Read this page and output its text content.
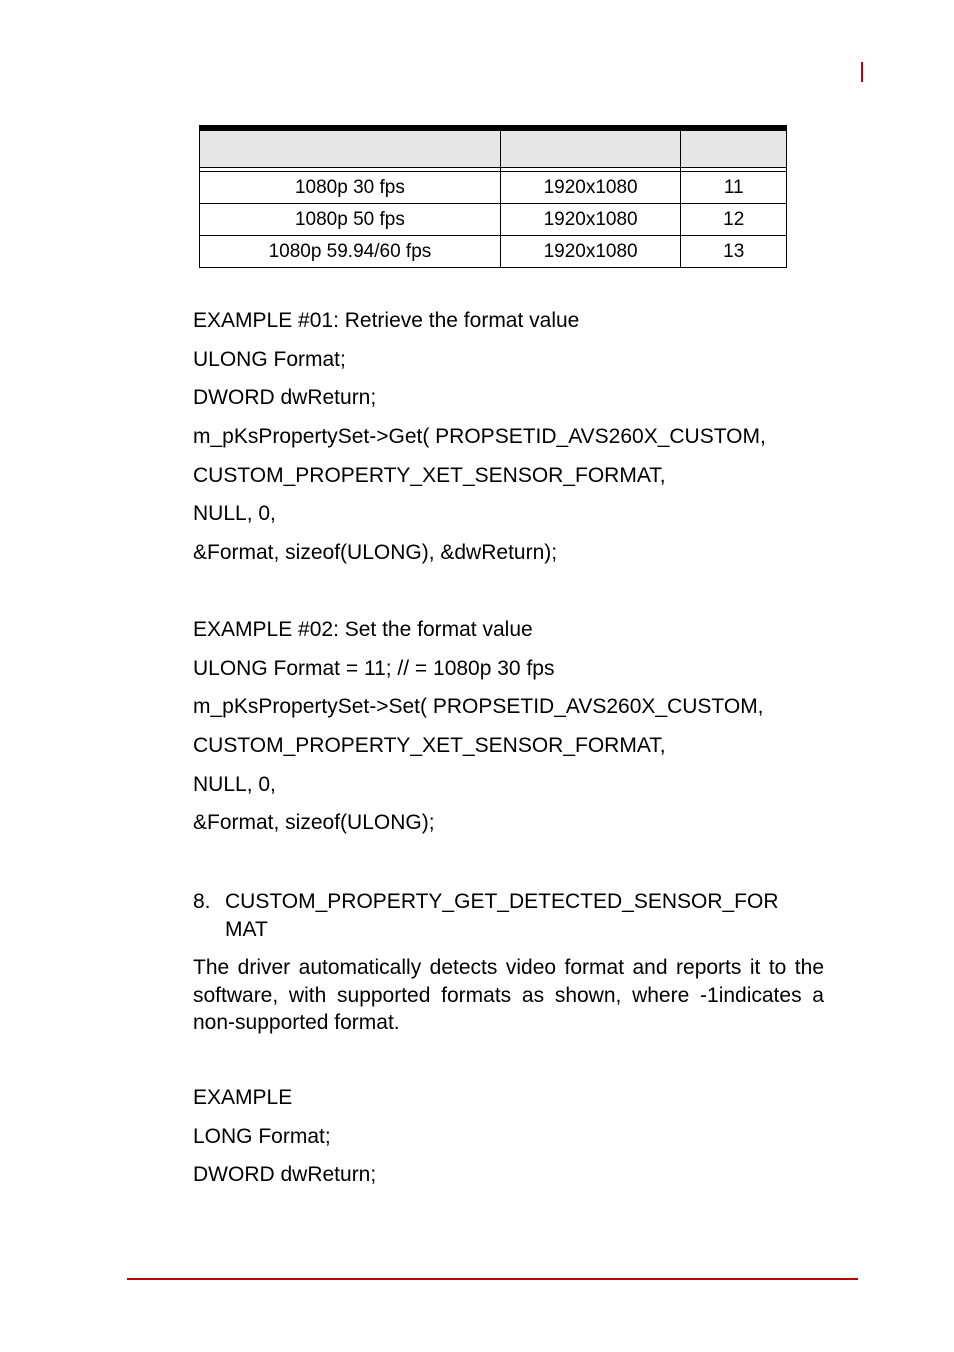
1080p 30 fps	1920x1080	11
1080p 50 fps	1920x1080	12
1080p 59.94/60 fps	1920x1080	13
EXAMPLE #01: Retrieve the format value
ULONG Format;
DWORD dwReturn;
m_pKsPropertySet->Get( PROPSETID_AVS260X_CUSTOM,
CUSTOM_PROPERTY_XET_SENSOR_FORMAT,
NULL, 0,
&Format, sizeof(ULONG), &dwReturn);
EXAMPLE #02: Set the format value
ULONG Format = 11; // = 1080p 30 fps
m_pKsPropertySet->Set( PROPSETID_AVS260X_CUSTOM,
CUSTOM_PROPERTY_XET_SENSOR_FORMAT,
NULL, 0,
&Format, sizeof(ULONG);
8. CUSTOM_PROPERTY_GET_DETECTED_SENSOR_FORMAT
The driver automatically detects video format and reports it to the software, with supported formats as shown, where -1indicates a non-supported format.
EXAMPLE
LONG Format;
DWORD dwReturn;
